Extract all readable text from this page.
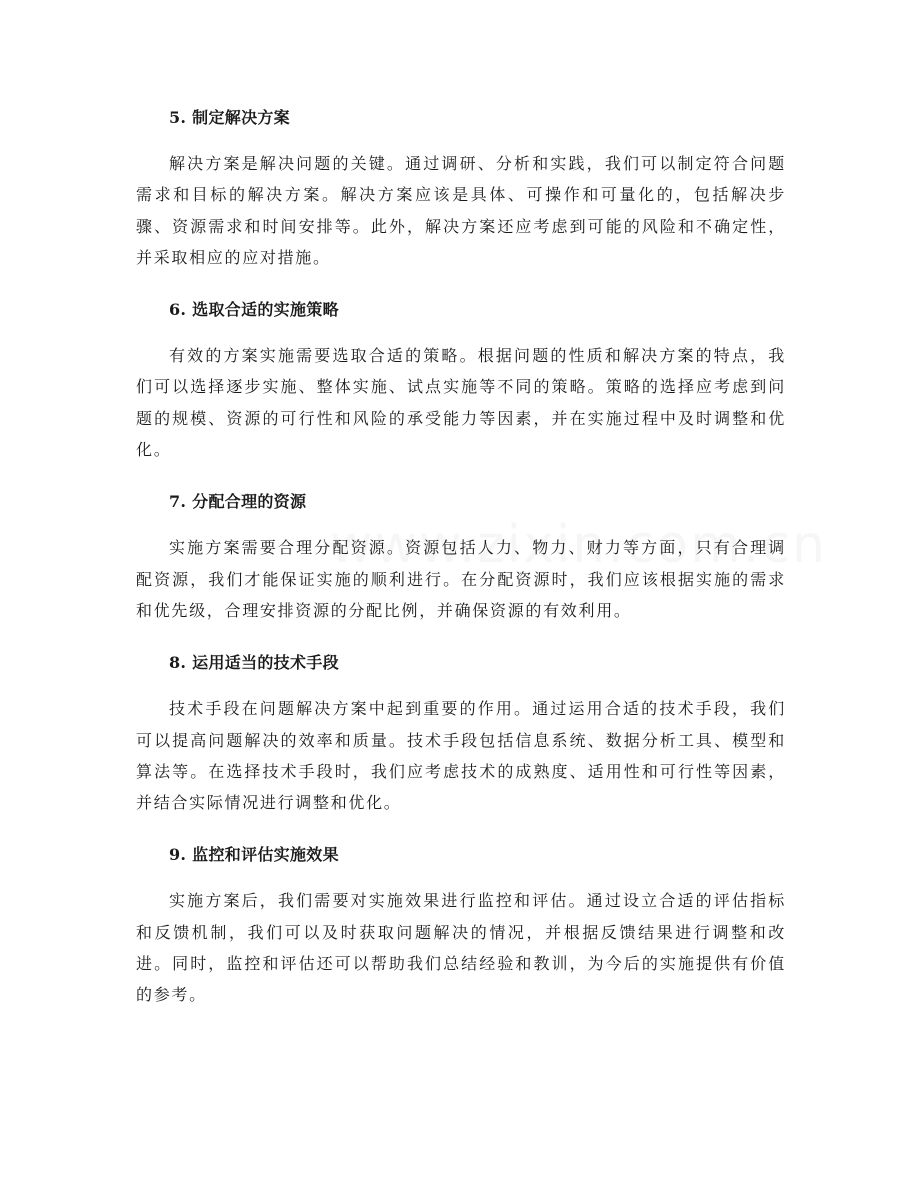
5. 制定解决方案

解决方案是解决问题的关键。通过调研、分析和实践，我们可以制定符合问题需求和目标的解决方案。解决方案应该是具体、可操作和可量化的，包括解决步骤、资源需求和时间安排等。此外，解决方案还应考虑到可能的风险和不确定性，并采取相应的应对措施。

6. 选取合适的实施策略

有效的方案实施需要选取合适的策略。根据问题的性质和解决方案的特点，我们可以选择逐步实施、整体实施、试点实施等不同的策略。策略的选择应考虑到问题的规模、资源的可行性和风险的承受能力等因素，并在实施过程中及时调整和优化。

7. 分配合理的资源

实施方案需要合理分配资源。资源包括人力、物力、财力等方面，只有合理调配资源，我们才能保证实施的顺利进行。在分配资源时，我们应该根据实施的需求和优先级，合理安排资源的分配比例，并确保资源的有效利用。

8. 运用适当的技术手段

技术手段在问题解决方案中起到重要的作用。通过运用合适的技术手段，我们可以提高问题解决的效率和质量。技术手段包括信息系统、数据分析工具、模型和算法等。在选择技术手段时，我们应考虑技术的成熟度、适用性和可行性等因素，并结合实际情况进行调整和优化。

9. 监控和评估实施效果

实施方案后，我们需要对实施效果进行监控和评估。通过设立合适的评估指标和反馈机制，我们可以及时获取问题解决的情况，并根据反馈结果进行调整和改进。同时，监控和评估还可以帮助我们总结经验和教训，为今后的实施提供有价值的参考。
